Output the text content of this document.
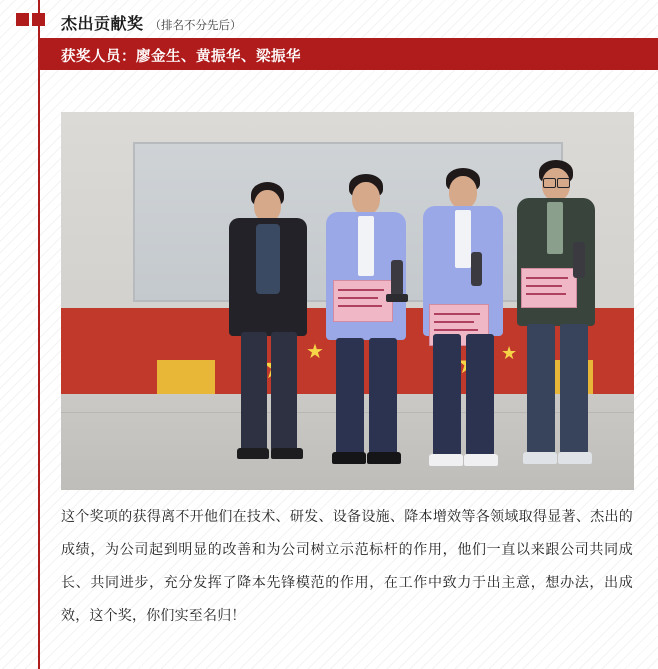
杰出贡献奖 （排名不分先后）
获奖人员：廖金生、黄振华、梁振华
★	★
这个奖项的获得离不开他们在技术、研发、设备设施、降本增效等各领域取得显著、杰出的成绩，为公司起到明显的改善和为公司树立示范标杆的作用，他们一直以来跟公司共同成长、共同进步，充分发挥了降本先锋模范的作用，在工作中致力于出主意，想办法，出成效，这个奖，你们实至名归！
